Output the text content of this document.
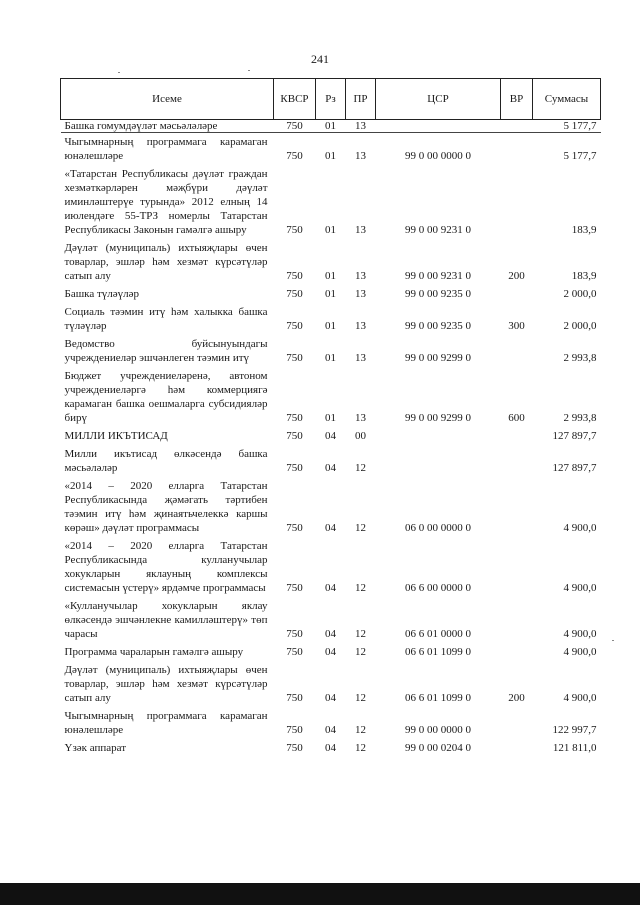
241
Исеме	КВСР	Рз	ПР	ЦСР	ВР	Суммасы
Башка гомумдәүләт мәсьәләләре	750	01	13			5 177,7
Чыгымнарның программага карамаган юнәлешләре	750	01	13	99 0 00 0000 0		5 177,7
«Татарстан Республикасы дәүләт граждан хезмәткәрләрен мәҗбүри дәүләт иминләштерүе турында» 2012 елның 14 июлендәге 55-ТРЗ номерлы Татарстан Республикасы Законын гамәлгә ашыру	750	01	13	99 0 00 9231 0		183,9
Дәүләт (муниципаль) ихтыяҗлары өчен товарлар, эшләр һәм хезмәт күрсәтүләр сатып алу	750	01	13	99 0 00 9231 0	200	183,9
Башка түләүләр	750	01	13	99 0 00 9235 0		2 000,0
Социаль тәэмин итү һәм халыкка башка түләүләр	750	01	13	99 0 00 9235 0	300	2 000,0
Ведомство буйсынуындагы учреждениеләр эшчәнлеген тәэмин итү	750	01	13	99 0 00 9299 0		2 993,8
Бюджет учреждениеләренә, автоном учреждениеләргә һәм коммерциягә карамаган башка оешмаларга субсидияләр бирү	750	01	13	99 0 00 9299 0	600	2 993,8
МИЛЛИ ИКЪТИСАД	750	04	00			127 897,7
Милли икътисад өлкәсендә башка мәсьәләләр	750	04	12			127 897,7
«2014 – 2020 елларга Татарстан Республикасында җәмәгать тәртибен тәэмин итү һәм җинаятьчелеккә каршы көрәш» дәүләт программасы	750	04	12	06 0 00 0000 0		4 900,0
«2014 – 2020 елларга Татарстан Республикасында кулланучылар хокукларын яклауның комплексы системасын үстерү» ярдәмче программасы	750	04	12	06 6 00 0000 0		4 900,0
«Кулланучылар хокукларын яклау өлкәсендә эшчәнлекне камилләштерү» төп чарасы	750	04	12	06 6 01 0000 0		4 900,0
Программа чараларын гамәлгә ашыру	750	04	12	06 6 01 1099 0		4 900,0
Дәүләт (муниципаль) ихтыяҗлары өчен товарлар, эшләр һәм хезмәт күрсәтүләр сатып алу	750	04	12	06 6 01 1099 0	200	4 900,0
Чыгымнарның программага карамаган юнәлешләре	750	04	12	99 0 00 0000 0		122 997,7
Үзәк аппарат	750	04	12	99 0 00 0204 0		121 811,0
